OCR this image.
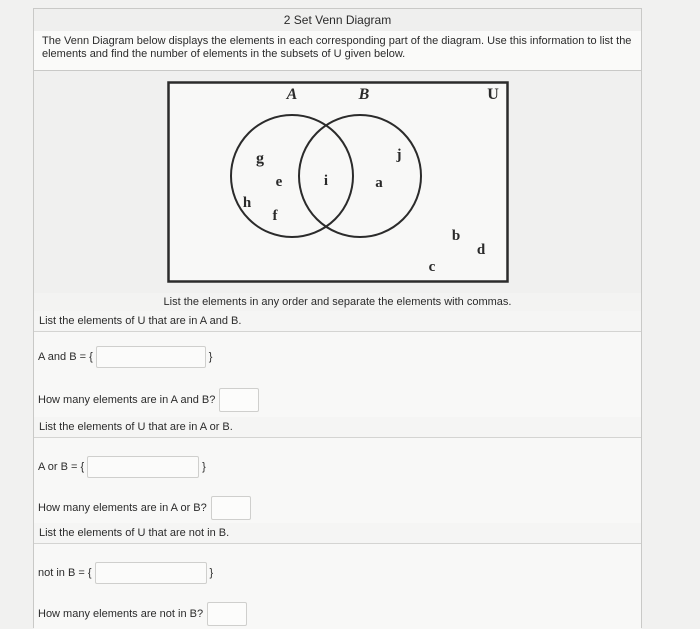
2 Set Venn Diagram
The Venn Diagram below displays the elements in each corresponding part of the diagram. Use this information to list the elements and find the number of elements in the subsets of U given below.
A	B	U
g
e
h
f
i
j
a
b
d
c
List the elements in any order and separate the elements with commas.
List the elements of U that are in A and B.
A and B = {	}
How many elements are in A and B?
List the elements of U that are in A or B.
A or B = {	}
How many elements are in A or B?
List the elements of U that are not in B.
not in B = {	}
How many elements are not in B?
